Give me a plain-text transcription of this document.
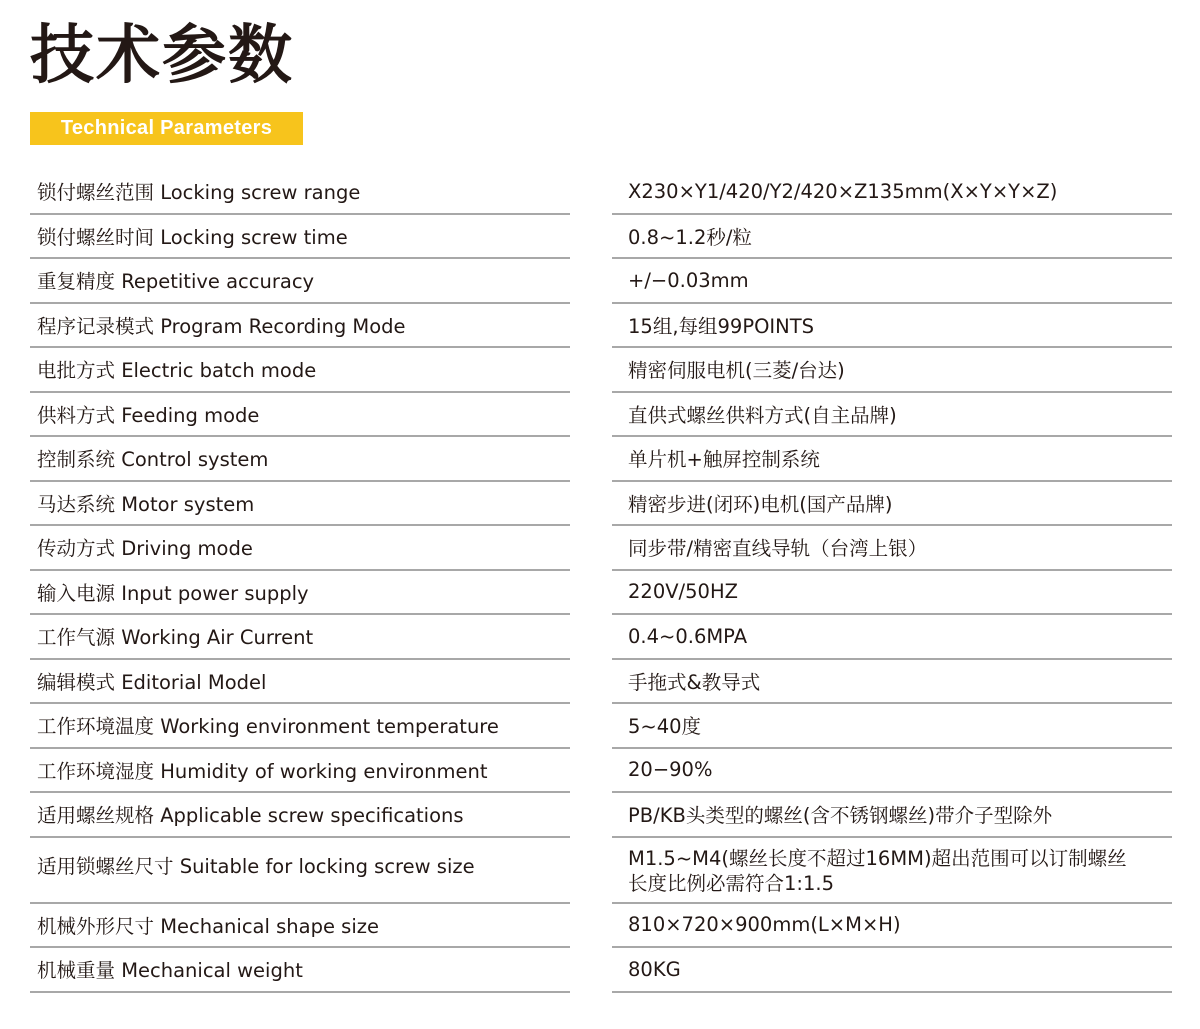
技术参数
Technical Parameters
锁付螺丝范围 Locking screw range	X230×Y1/420/Y2/420×Z135mm(X×Y×Y×Z)
锁付螺丝时间 Locking screw time	0.8~1.2秒/粒
重复精度 Repetitive accuracy	+/−0.03mm
程序记录模式 Program Recording Mode	15组,每组99POINTS
电批方式 Electric batch mode	精密伺服电机(三菱/台达)
供料方式 Feeding mode	直供式螺丝供料方式(自主品牌)
控制系统 Control system	单片机+触屏控制系统
马达系统 Motor system	精密步进(闭环)电机(国产品牌)
传动方式 Driving mode	同步带/精密直线导轨（台湾上银）
输入电源 Input power supply	220V/50HZ
工作气源 Working Air Current	0.4~0.6MPA
编辑模式 Editorial Model	手拖式&教导式
工作环境温度 Working environment temperature	5~40度
工作环境湿度 Humidity of working environment	20−90%
适用螺丝规格 Applicable screw specifications	PB/KB头类型的螺丝(含不锈钢螺丝)带介子型除外
适用锁螺丝尺寸 Suitable for locking screw size	M1.5~M4(螺丝长度不超过16MM)超出范围可以订制螺丝长度比例必需符合1:1.5
机械外形尺寸 Mechanical shape size	810×720×900mm(L×M×H)
机械重量 Mechanical weight	80KG
